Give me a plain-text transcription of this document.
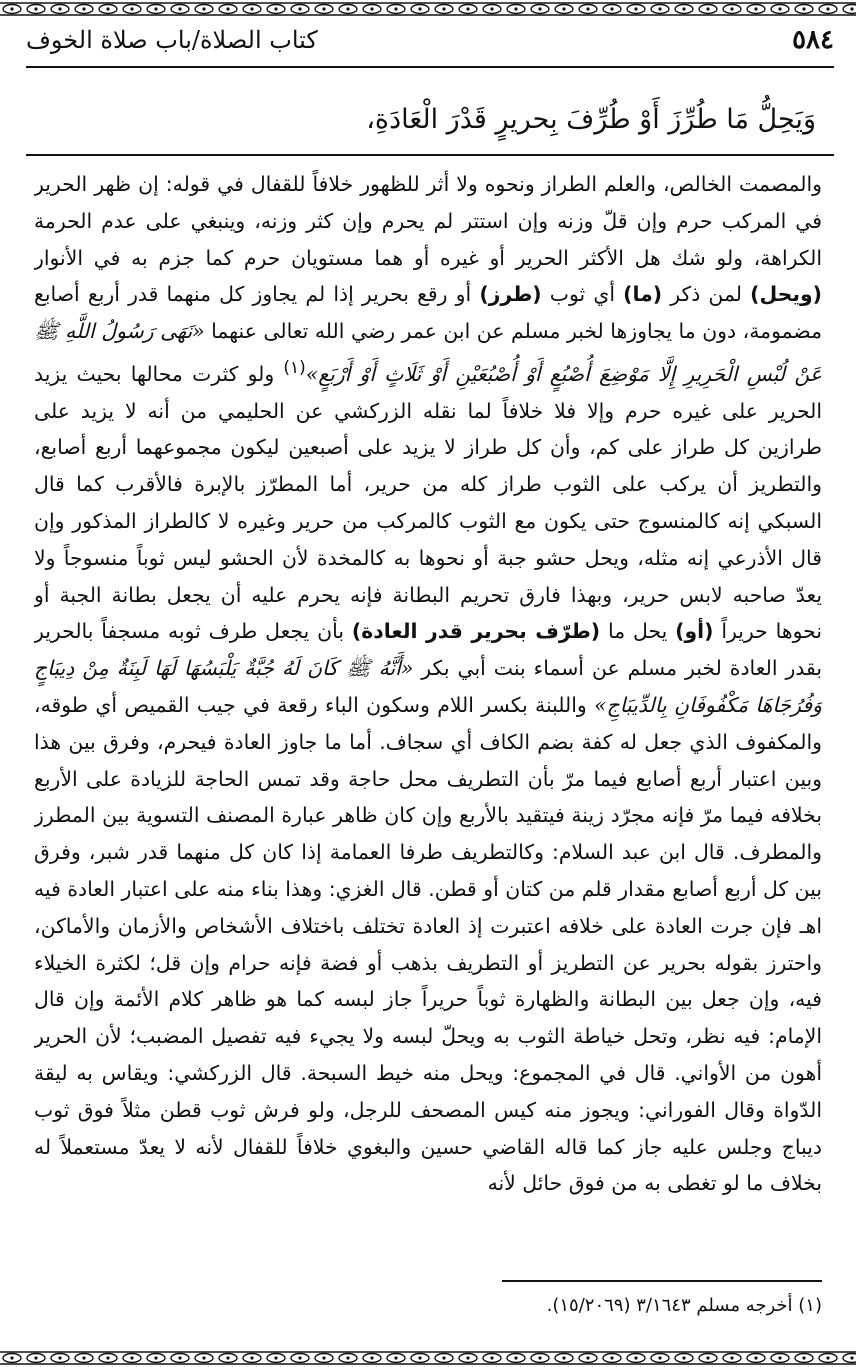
٥٨٤
كتاب الصلاة/باب صلاة الخوف
وَيَحِلُّ مَا طُرِّزَ أَوْ طُرِّفَ بِحريرٍ قَدْرَ الْعَادَةِ،

والمصمت الخالص، والعلم الطراز ونحوه ولا أثر للظهور خلافاً للقفال في قوله: إن ظهر الحرير في المركب حرم وإن قلّ وزنه وإن استتر لم يحرم وإن كثر وزنه، وينبغي على عدم الحرمة الكراهة، ولو شك هل الأكثر الحرير أو غيره أو هما مستويان حرم كما جزم به في الأنوار (ويحل) لمن ذكر (ما) أي ثوب (طرز) أو رقع بحرير إذا لم يجاوز كل منهما قدر أربع أصابع مضمومة، دون ما يجاوزها لخبر مسلم عن ابن عمر رضي الله تعالى عنهما «نَهَى رَسُولُ اللَّهِ ﷺ عَنْ لُبْسِ الْحَرِيرِ إِلَّا مَوْضِعَ أُصْبُعٍ أَوْ أُصْبُعَيْنِ أَوْ ثَلَاثٍ أَوْ أَرْبَعٍ»$^{(١)}$ ولو كثرت محالها بحيث يزيد الحرير على غيره حرم وإلا فلا خلافاً لما نقله الزركشي عن الحليمي من أنه لا يزيد على طرازين كل طراز على كم، وأن كل طراز لا يزيد على أصبعين ليكون مجموعهما أربع أصابع، والتطريز أن يركب على الثوب طراز كله من حرير، أما المطرّز بالإبرة فالأقرب كما قال السبكي إنه كالمنسوج حتى يكون مع الثوب كالمركب من حرير وغيره لا كالطراز المذكور وإن قال الأذرعي إنه مثله، ويحل حشو جبة أو نحوها به كالمخدة لأن الحشو ليس ثوباً منسوجاً ولا يعدّ صاحبه لابس حرير، وبهذا فارق تحريم البطانة فإنه يحرم عليه أن يجعل بطانة الجبة أو نحوها حريراً (أو) يحل ما (طرّف بحرير قدر العادة) بأن يجعل طرف ثوبه مسجفاً بالحرير بقدر العادة لخبر مسلم عن أسماء بنت أبي بكر «أَنَّهُ ﷺ كَانَ لَهُ جُبَّةٌ يَلْبَسُهَا لَهَا لَبِنَةٌ مِنْ دِيبَاجٍ وَفُرُجَاهَا مَكْفُوفَانِ بِالدِّيبَاجِ» واللبنة بكسر اللام وسكون الباء رقعة في جيب القميص أي طوقه، والمكفوف الذي جعل له كفة بضم الكاف أي سجاف. أما ما جاوز العادة فيحرم، وفرق بين هذا وبين اعتبار أربع أصابع فيما مرّ بأن التطريف محل حاجة وقد تمس الحاجة للزيادة على الأربع بخلافه فيما مرّ فإنه مجرّد زينة فيتقيد بالأربع وإن كان ظاهر عبارة المصنف التسوية بين المطرز والمطرف. قال ابن عبد السلام: وكالتطريف طرفا العمامة إذا كان كل منهما قدر شبر، وفرق بين كل أربع أصابع مقدار قلم من كتان أو قطن. قال الغزي: وهذا بناء منه على اعتبار العادة فيه اهـ فإن جرت العادة على خلافه اعتبرت إذ العادة تختلف باختلاف الأشخاص والأزمان والأماكن، واحترز بقوله بحرير عن التطريز أو التطريف بذهب أو فضة فإنه حرام وإن قل؛ لكثرة الخيلاء فيه، وإن جعل بين البطانة والظهارة ثوباً حريراً جاز لبسه كما هو ظاهر كلام الأئمة وإن قال الإمام: فيه نظر، وتحل خياطة الثوب به ويحلّ لبسه ولا يجيء فيه تفصيل المضبب؛ لأن الحرير أهون من الأواني. قال في المجموع: ويحل منه خيط السبحة. قال الزركشي: ويقاس به ليقة الدّواة وقال الفوراني: ويجوز منه كيس المصحف للرجل، ولو فرش ثوب قطن مثلاً فوق ثوب ديباج وجلس عليه جاز كما قاله القاضي حسين والبغوي خلافاً للقفال لأنه لا يعدّ مستعملاً له بخلاف ما لو تغطى به من فوق حائل لأنه

(١) أخرجه مسلم ٣/١٦٤٣ (١٥/٢٠٦٩).
